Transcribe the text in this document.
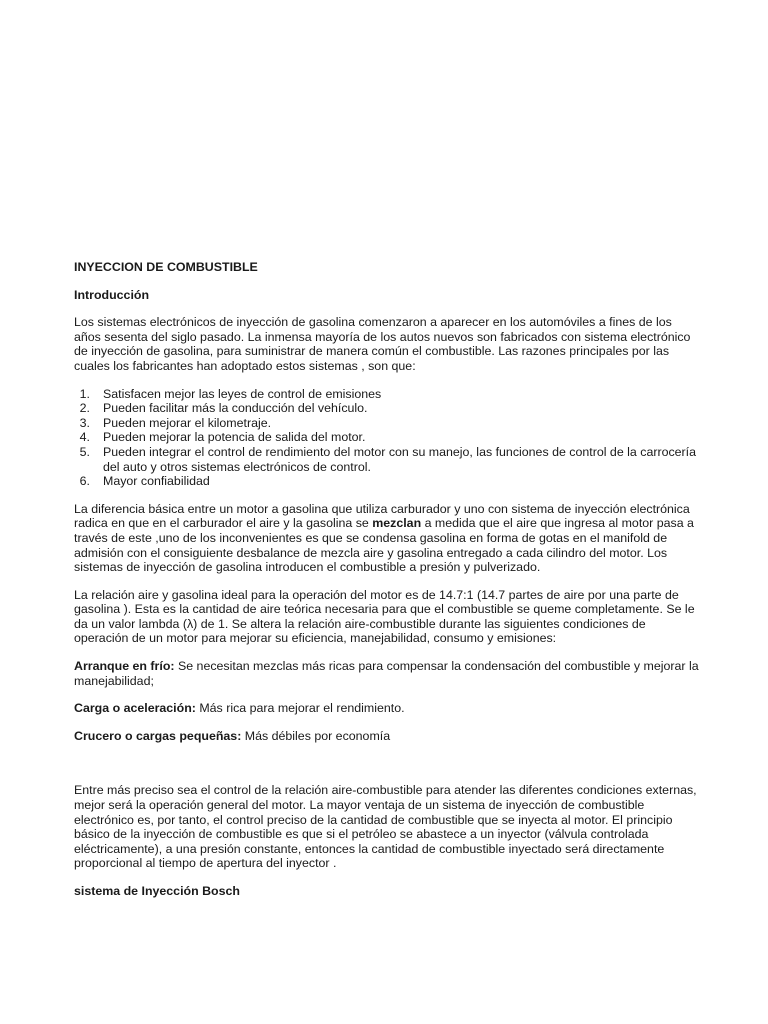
INYECCION DE COMBUSTIBLE

Introducción

Los sistemas electrónicos de inyección de gasolina comenzaron a aparecer en los automóviles a fines de los años sesenta del siglo pasado. La inmensa mayoría de los autos nuevos son fabricados con sistema electrónico de inyección de gasolina, para suministrar de manera común el combustible. Las razones principales por las cuales los fabricantes han adoptado estos sistemas , son que:

1.	Satisfacen mejor las leyes de control de emisiones
2.	Pueden facilitar más la conducción del vehículo.
3.	Pueden mejorar el kilometraje.
4.	Pueden mejorar la potencia de salida del motor.
5.	Pueden integrar el control de rendimiento del motor con su manejo, las funciones de control de la carrocería del auto y otros sistemas electrónicos de control.
6.	Mayor confiabilidad

La diferencia básica entre un motor a gasolina que utiliza carburador y uno con sistema de inyección electrónica radica en que en el carburador el aire y la gasolina se mezclan a medida que el aire que ingresa al motor pasa a través de este ,uno de los inconvenientes es que se condensa gasolina en forma de gotas en el manifold de admisión con el consiguiente desbalance de mezcla aire y gasolina entregado a cada cilindro del motor. Los sistemas de inyección de gasolina introducen el combustible a presión y pulverizado.

La relación aire y gasolina ideal para la operación del motor es de 14.7:1 (14.7 partes de aire por una parte de gasolina ). Esta es la cantidad de aire teórica necesaria para que el combustible se queme completamente. Se le da un valor lambda (λ) de 1. Se altera la relación aire-combustible durante las siguientes condiciones de operación de un motor para mejorar su eficiencia, manejabilidad, consumo y emisiones:

Arranque en frío: Se necesitan mezclas más ricas para compensar la condensación del combustible y mejorar la manejabilidad;

Carga o aceleración: Más rica para mejorar el rendimiento.

Crucero o cargas pequeñas: Más débiles por economía

Entre más preciso sea el control de la relación aire-combustible para atender las diferentes condiciones externas, mejor será la operación general del motor. La mayor ventaja de un sistema de inyección de combustible electrónico es, por tanto, el control preciso de la cantidad de combustible que se inyecta al motor. El principio básico de la inyección de combustible es que si el petróleo se abastece a un inyector (válvula controlada eléctricamente), a una presión constante, entonces la cantidad de combustible inyectado será directamente proporcional al tiempo de apertura del inyector .

sistema de Inyección Bosch
